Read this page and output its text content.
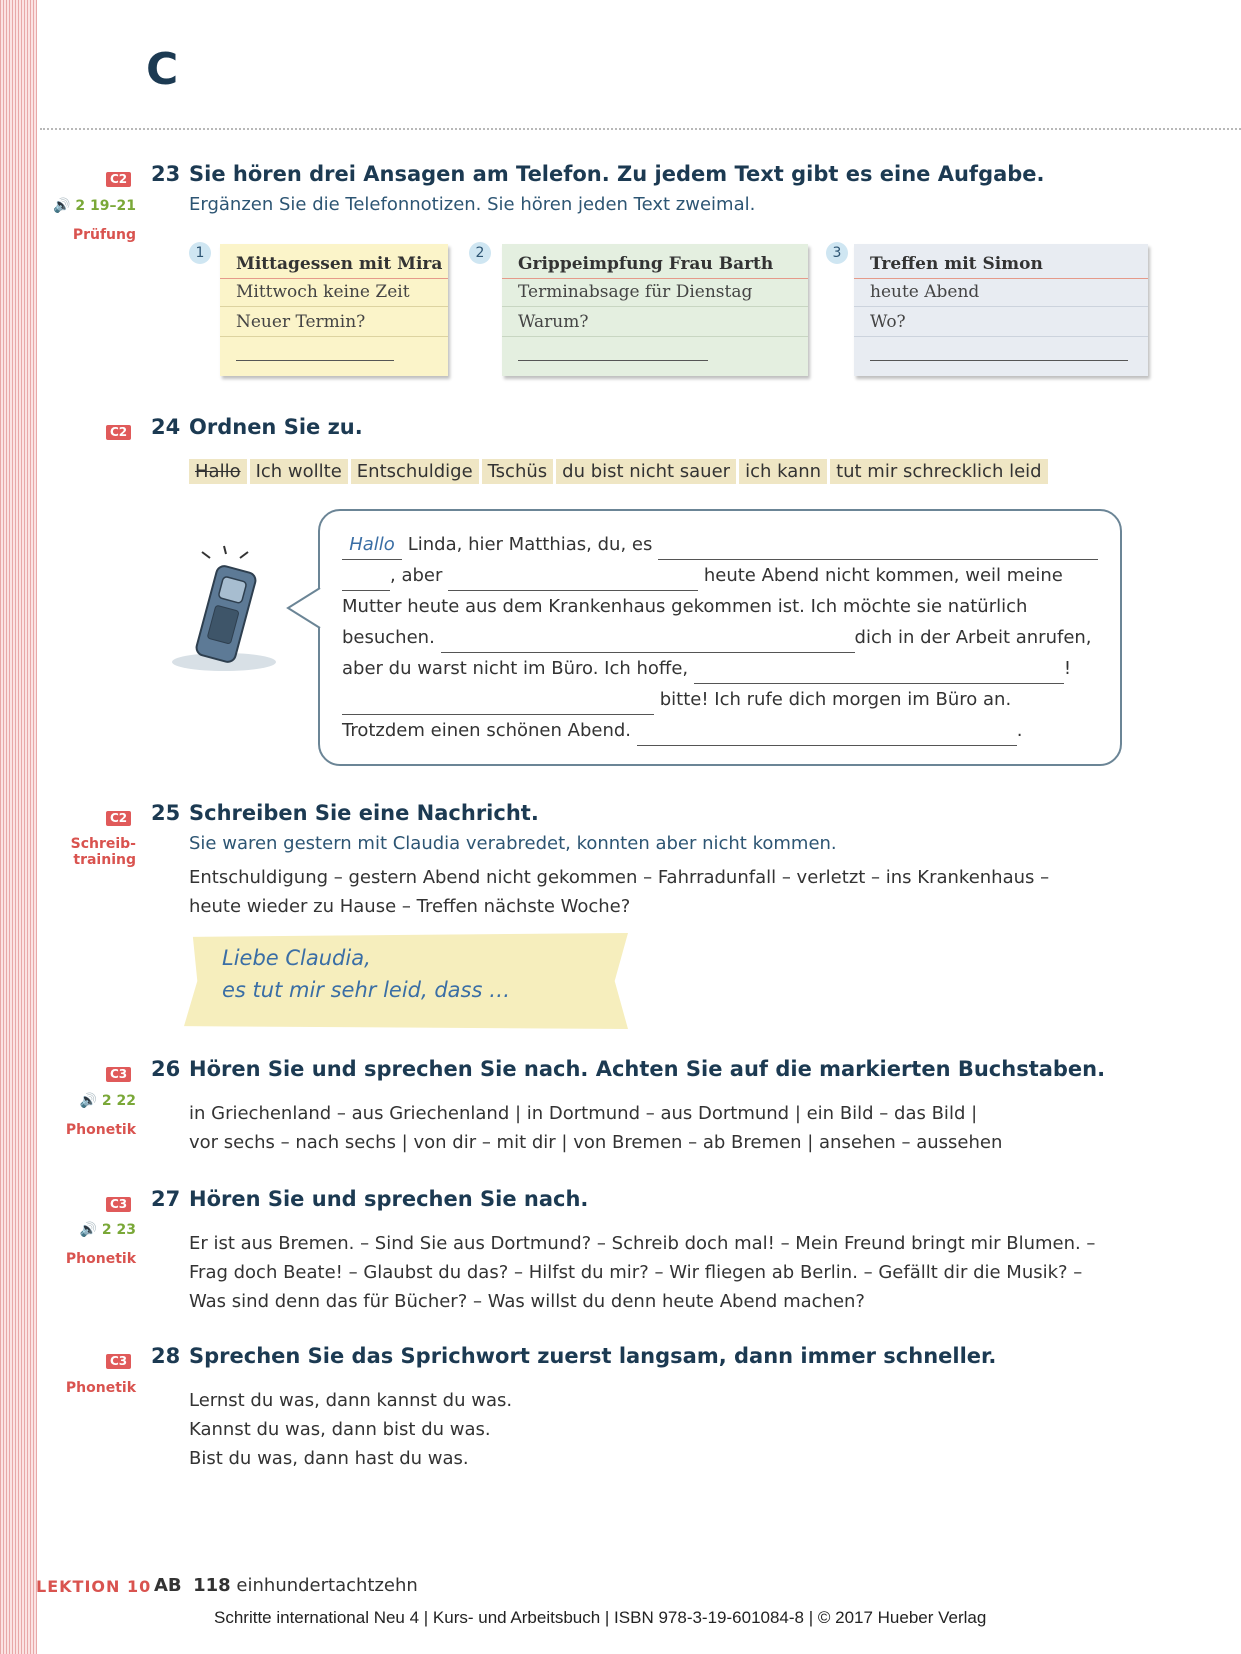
C
C2 23 Sie hören drei Ansagen am Telefon. Zu jedem Text gibt es eine Aufgabe.
Ergänzen Sie die Telefonnotizen. Sie hören jeden Text zweimal.
🔊 2 19–21
Prüfung
1
Mittagessen mit Mira
Mittwoch keine Zeit
Neuer Termin?
2
Grippeimpfung Frau Barth
Terminabsage für Dienstag
Warum?
3
Treffen mit Simon
heute Abend
Wo?
C2 24 Ordnen Sie zu.
Hallo Ich wollte Entschuldige Tschüs du bist nicht sauer ich kann tut mir schrecklich leid
Hallo Linda, hier Matthias, du, es
, aber	heute Abend nicht kommen, weil meine
Mutter heute aus dem Krankenhaus gekommen ist. Ich möchte sie natürlich
besuchen.	dich in der Arbeit anrufen,
aber du warst nicht im Büro. Ich hoffe,	!
bitte! Ich rufe dich morgen im Büro an.
Trotzdem einen schönen Abend.	.
C2 25 Schreiben Sie eine Nachricht.
Schreib-
training
Sie waren gestern mit Claudia verabredet, konnten aber nicht kommen.
Entschuldigung – gestern Abend nicht gekommen – Fahrradunfall – verletzt – ins Krankenhaus –
heute wieder zu Hause – Treffen nächste Woche?
Liebe Claudia,
es tut mir sehr leid, dass …
C3 26 Hören Sie und sprechen Sie nach. Achten Sie auf die markierten Buchstaben.
🔊 2 22
Phonetik
in Griechenland – aus Griechenland | in Dortmund – aus Dortmund | ein Bild – das Bild |
vor sechs – nach sechs | von dir – mit dir | von Bremen – ab Bremen | ansehen – aussehen
C3 27 Hören Sie und sprechen Sie nach.
🔊 2 23
Phonetik
Er ist aus Bremen. – Sind Sie aus Dortmund? – Schreib doch mal! – Mein Freund bringt mir Blumen. –
Frag doch Beate! – Glaubst du das? – Hilfst du mir? – Wir fliegen ab Berlin. – Gefällt dir die Musik? –
Was sind denn das für Bücher? – Was willst du denn heute Abend machen?
C3 28 Sprechen Sie das Sprichwort zuerst langsam, dann immer schneller.
Phonetik
Lernst du was, dann kannst du was.
Kannst du was, dann bist du was.
Bist du was, dann hast du was.
LEKTION 10 AB 118 einhundertachtzehn
Schritte international Neu 4 | Kurs- und Arbeitsbuch | ISBN 978-3-19-601084-8 | © 2017 Hueber Verlag
